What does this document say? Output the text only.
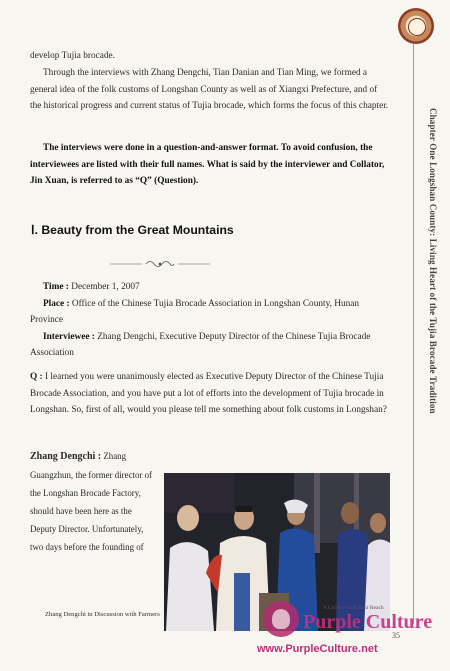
Chapter One Longshan County: Living Heart of the Tujia Brocade Tradition
develop Tujia brocade.
Through the interviews with Zhang Dengchi, Tian Danian and Tian Ming, we formed a general idea of the folk customs of Longshan County as well as of Xiangxi Prefecture, and of the historical progress and current status of Tujia brocade, which forms the focus of this chapter.
The interviews were done in a question-and-answer format. To avoid confusion, the interviewees are listed with their full names. What is said by the interviewer and Collator, Jin Xuan, is referred to as “Q” (Question).
Ⅰ. Beauty from the Great Mountains
Time : December 1, 2007
Place : Office of the Chinese Tujia Brocade Association in Longshan County, Hunan Province
Interviewee : Zhang Dengchi, Executive Deputy Director of the Chinese Tujia Brocade Association
Q : I learned you were unanimously elected as Executive Deputy Director of the Chinese Tujia Brocade Association, and you have put a lot of efforts into the development of Tujia brocade in Longshan. So, first of all, would you please tell me something about folk customs in Longshan?
Zhang Dengchi : Zhang Guangzhun, the former director of the Longshan Brocade Factory, should have been here as the Deputy Director. Unfortunately, two days before the founding of
Zhang Dengchi in Discussion with Farmers
A China within Your Reach
Purple Culture
www.PurpleCulture.net
35
